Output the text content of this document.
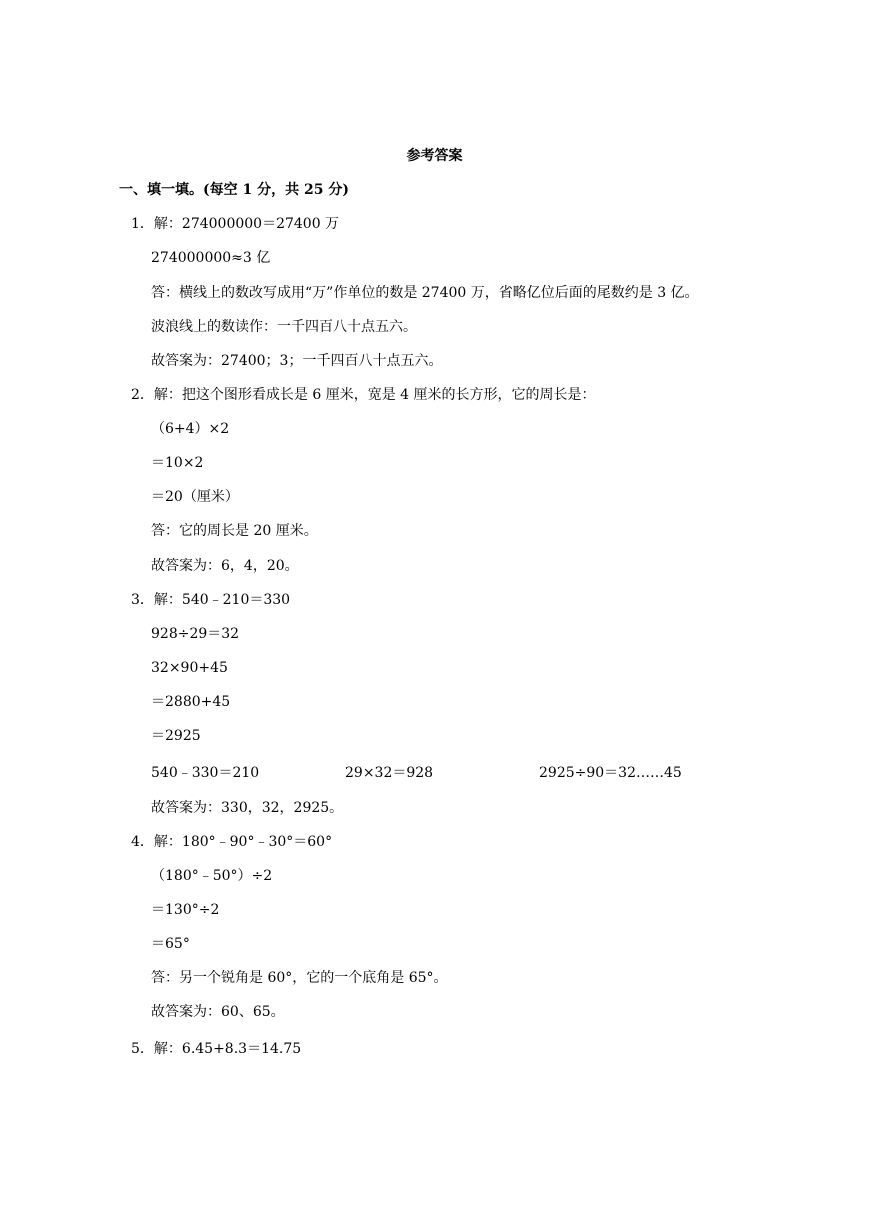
参考答案
一、填一填。(每空 1 分，共 25 分)
1．解：274000000＝27400 万
274000000≈3 亿
答：横线上的数改写成用“万”作单位的数是 27400 万，省略亿位后面的尾数约是 3 亿。
波浪线上的数读作：一千四百八十点五六。
故答案为：27400；3；一千四百八十点五六。
2．解：把这个图形看成长是 6 厘米，宽是 4 厘米的长方形，它的周长是：
（6+4）×2
＝10×2
＝20（厘米）
答：它的周长是 20 厘米。
故答案为：6，4，20。
3．解：540﹣210＝330
928÷29＝32
32×90+45
＝2880+45
＝2925
540﹣330＝210	29×32＝928	2925÷90＝32……45
故答案为：330，32，2925。
4．解：180°﹣90°﹣30°＝60°
（180°﹣50°）÷2
＝130°÷2
＝65°
答：另一个锐角是 60°，它的一个底角是 65°。
故答案为：60、65。
5．解：6.45+8.3＝14.75
